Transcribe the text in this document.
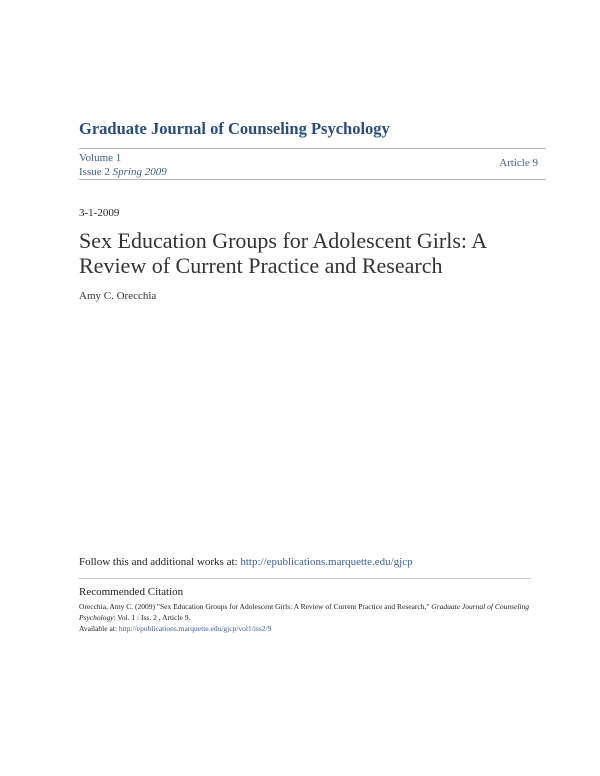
Graduate Journal of Counseling Psychology
Volume 1
Issue 2 Spring 2009
Article 9
3-1-2009
Sex Education Groups for Adolescent Girls: A Review of Current Practice and Research
Amy C. Orecchia
Follow this and additional works at: http://epublications.marquette.edu/gjcp
Recommended Citation
Orecchia, Amy C. (2009) "Sex Education Groups for Adolescent Girls: A Review of Current Practice and Research," Graduate Journal of Counseling Psychology: Vol. 1 : Iss. 2 , Article 9.
Available at: http://epublications.marquette.edu/gjcp/vol1/iss2/9
